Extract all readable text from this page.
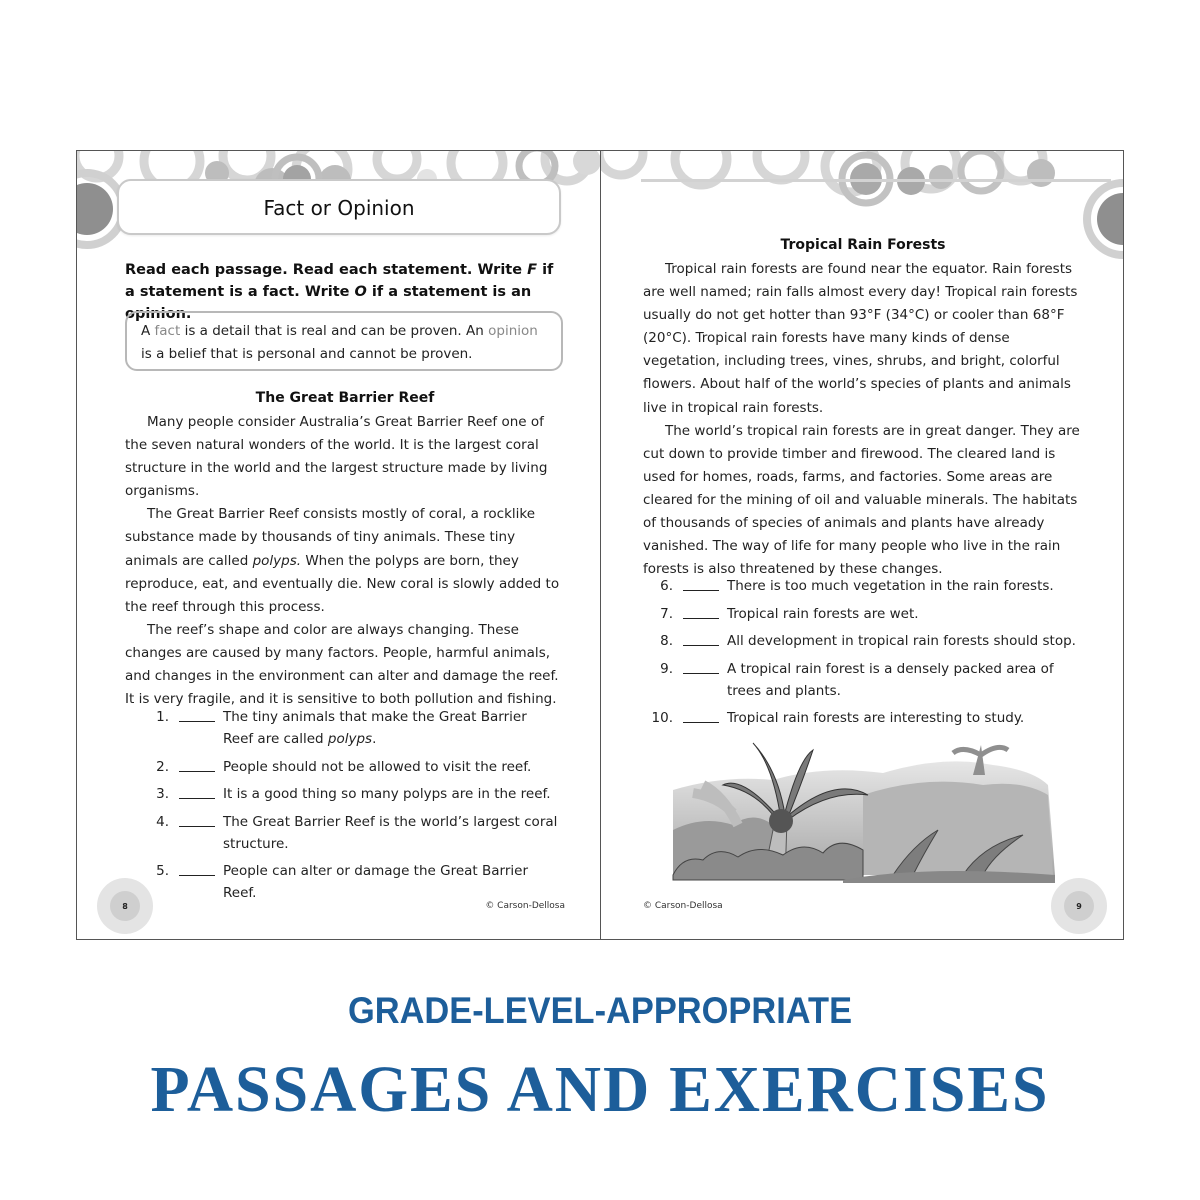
Fact or Opinion
Read each passage. Read each statement. Write F if a statement is a fact. Write O if a statement is an opinion.
A fact is a detail that is real and can be proven. An opinion is a belief that is personal and cannot be proven.
The Great Barrier Reef

Many people consider Australia’s Great Barrier Reef one of the seven natural wonders of the world. It is the largest coral structure in the world and the largest structure made by living organisms.

The Great Barrier Reef consists mostly of coral, a rocklike substance made by thousands of tiny animals. These tiny animals are called polyps. When the polyps are born, they reproduce, eat, and eventually die. New coral is slowly added to the reef through this process.

The reef’s shape and color are always changing. These changes are caused by many factors. People, harmful animals, and changes in the environment can alter and damage the reef. It is very fragile, and it is sensitive to both pollution and fishing.

1.	The tiny animals that make the Great Barrier Reef are called polyps.
2.	People should not be allowed to visit the reef.
3.	It is a good thing so many polyps are in the reef.
4.	The Great Barrier Reef is the world’s largest coral structure.
5.	People can alter or damage the Great Barrier Reef.
8	© Carson-Dellosa
Tropical Rain Forests

Tropical rain forests are found near the equator. Rain forests are well named; rain falls almost every day! Tropical rain forests usually do not get hotter than 93°F (34°C) or cooler than 68°F (20°C). Tropical rain forests have many kinds of dense vegetation, including trees, vines, shrubs, and bright, colorful flowers. About half of the world’s species of plants and animals live in tropical rain forests.

The world’s tropical rain forests are in great danger. They are cut down to provide timber and firewood. The cleared land is used for homes, roads, farms, and factories. Some areas are cleared for the mining of oil and valuable minerals. The habitats of thousands of species of animals and plants have already vanished. The way of life for many people who live in the rain forests is also threatened by these changes.

6.	There is too much vegetation in the rain forests.
7.	Tropical rain forests are wet.
8.	All development in tropical rain forests should stop.
9.	A tropical rain forest is a densely packed area of trees and plants.
10.	Tropical rain forests are interesting to study.
© Carson-Dellosa	9
GRADE-LEVEL-APPROPRIATE
PASSAGES AND EXERCISES
